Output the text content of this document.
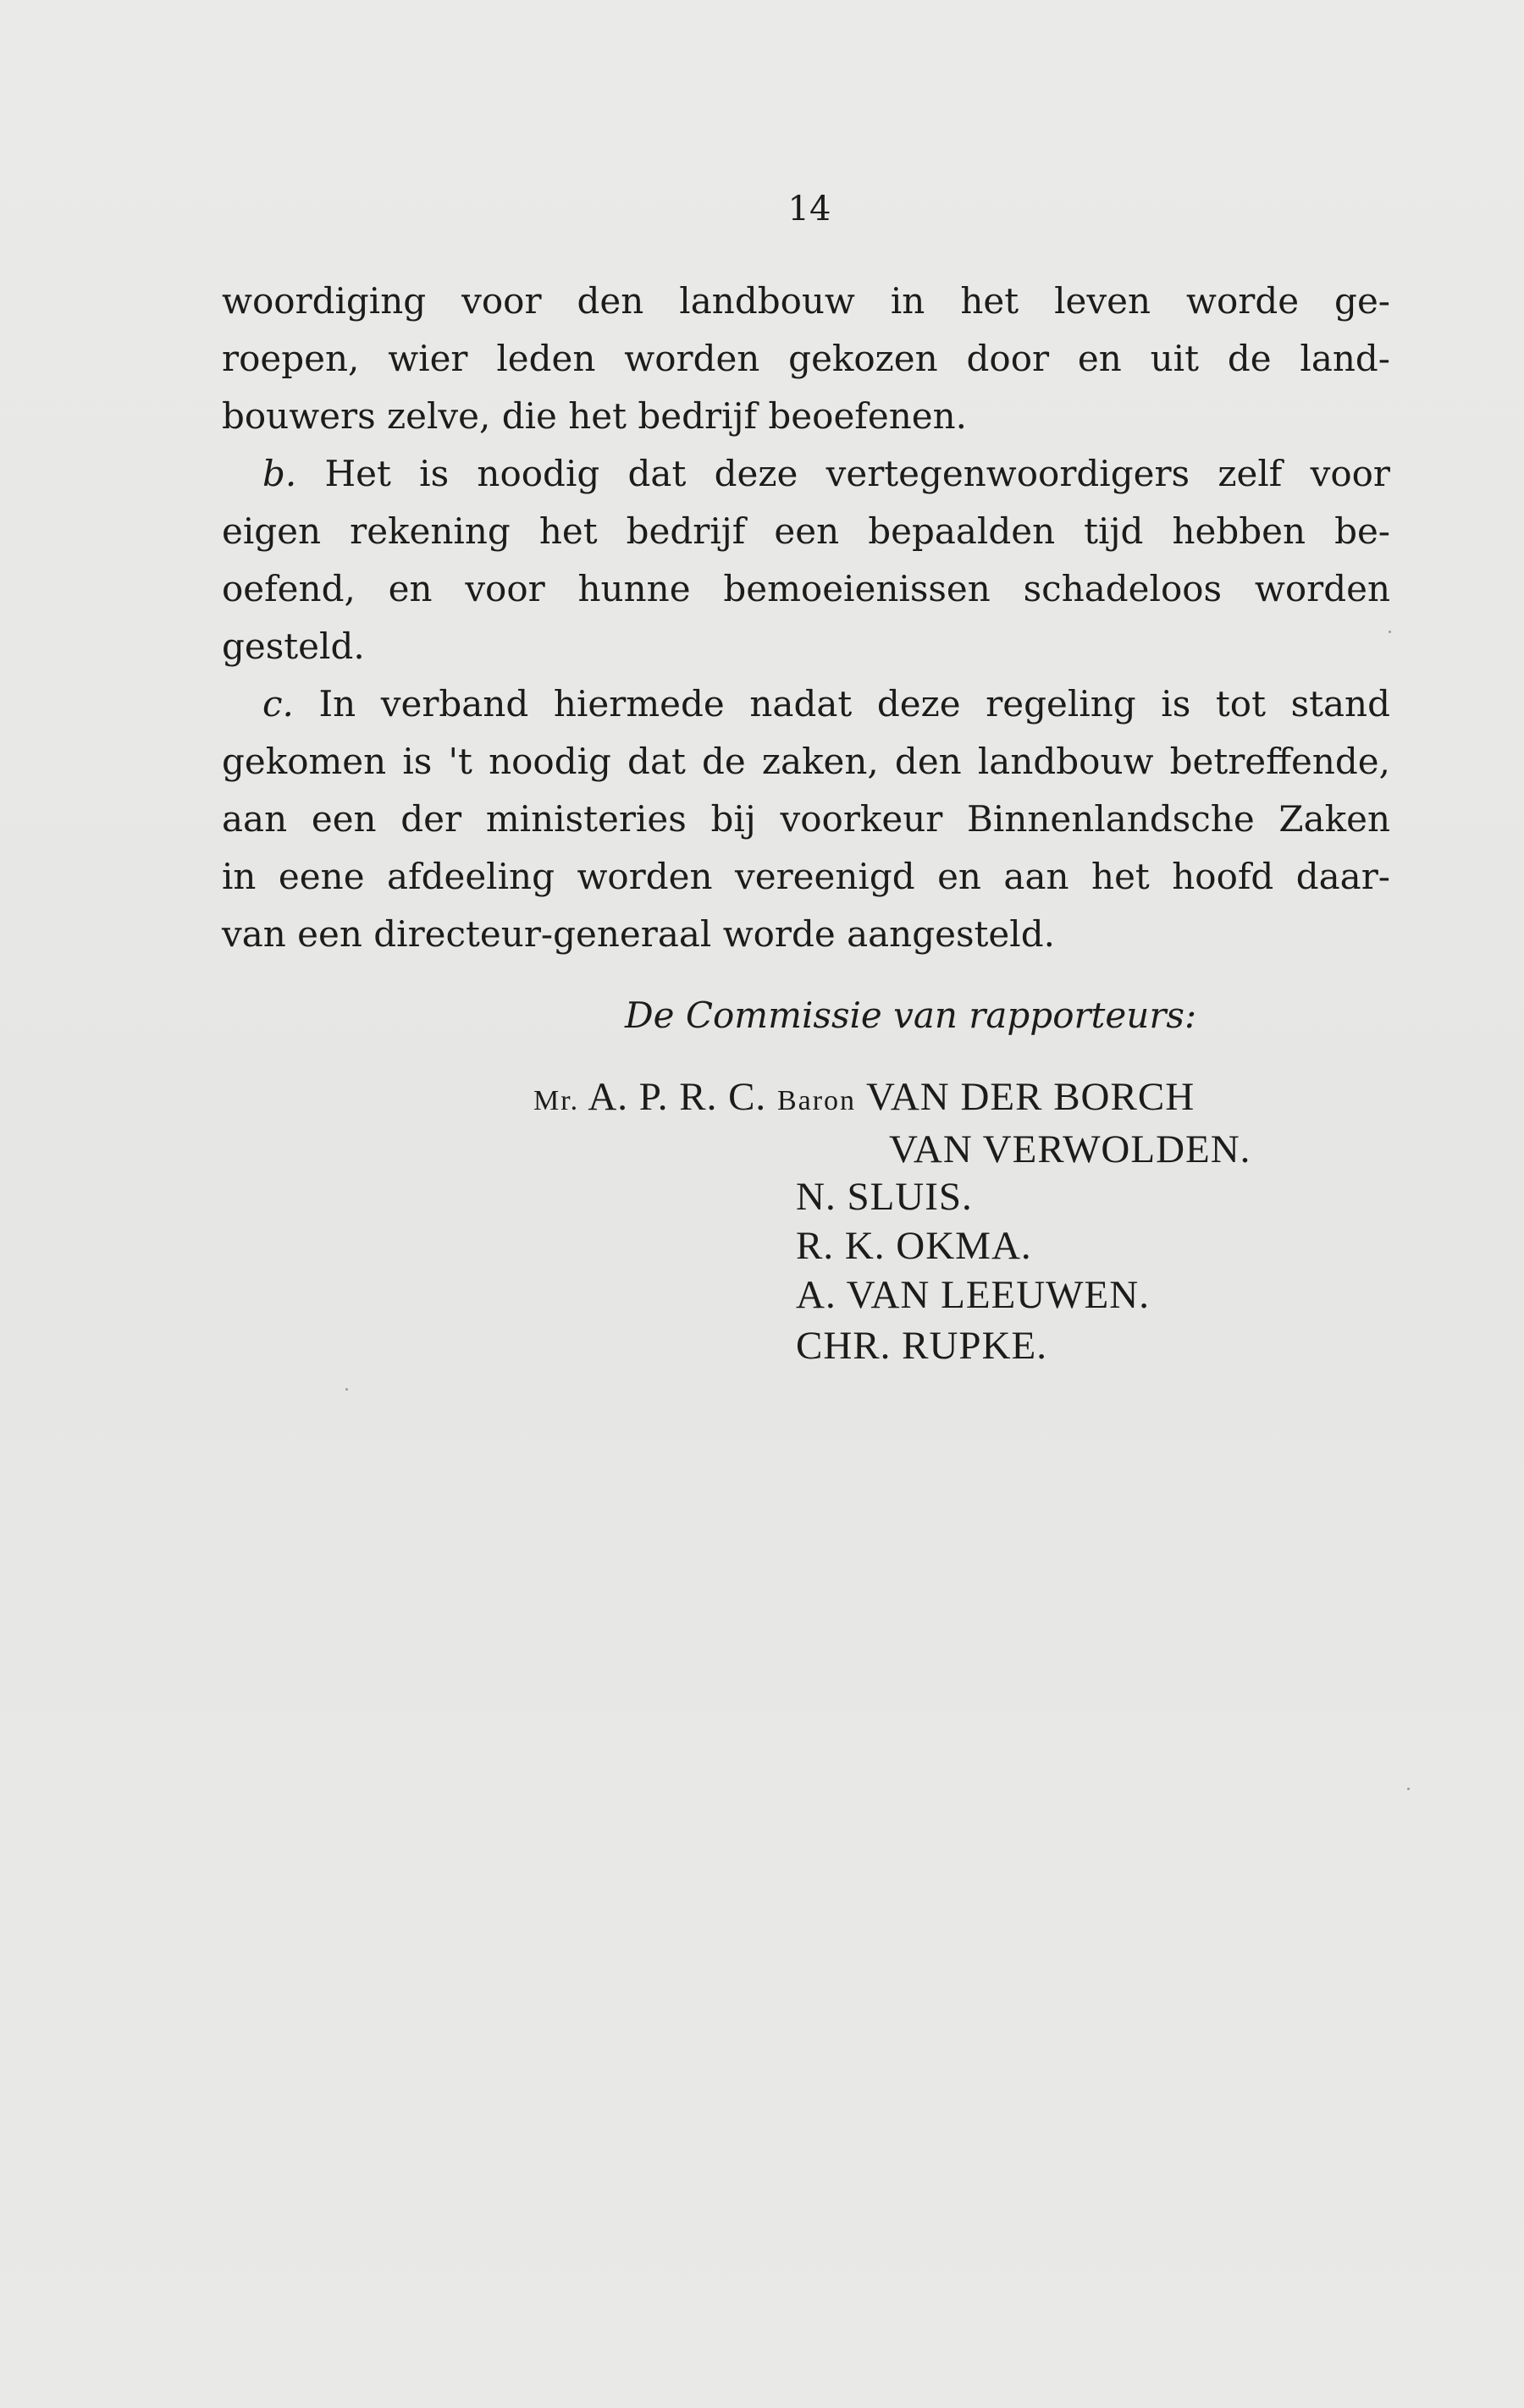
14
woordiging voor den landbouw in het leven worde ge-
roepen, wier leden worden gekozen door en uit de land-
bouwers zelve, die het bedrijf beoefenen.
b. Het is noodig dat deze vertegenwoordigers zelf voor
eigen rekening het bedrijf een bepaalden tijd hebben be-
oefend, en voor hunne bemoeienissen schadeloos worden
gesteld.
c. In verband hiermede nadat deze regeling is tot stand
gekomen is 't noodig dat de zaken, den landbouw betreffende,
aan een der ministeries bij voorkeur Binnenlandsche Zaken
in eene afdeeling worden vereenigd en aan het hoofd daar-
van een directeur-generaal worde aangesteld.
De Commissie van rapporteurs:
Mr. A. P. R. C. Baron VAN DER BORCH
VAN VERWOLDEN.
N. SLUIS.
R. K. OKMA.
A. VAN LEEUWEN.
CHR. RUPKE.
